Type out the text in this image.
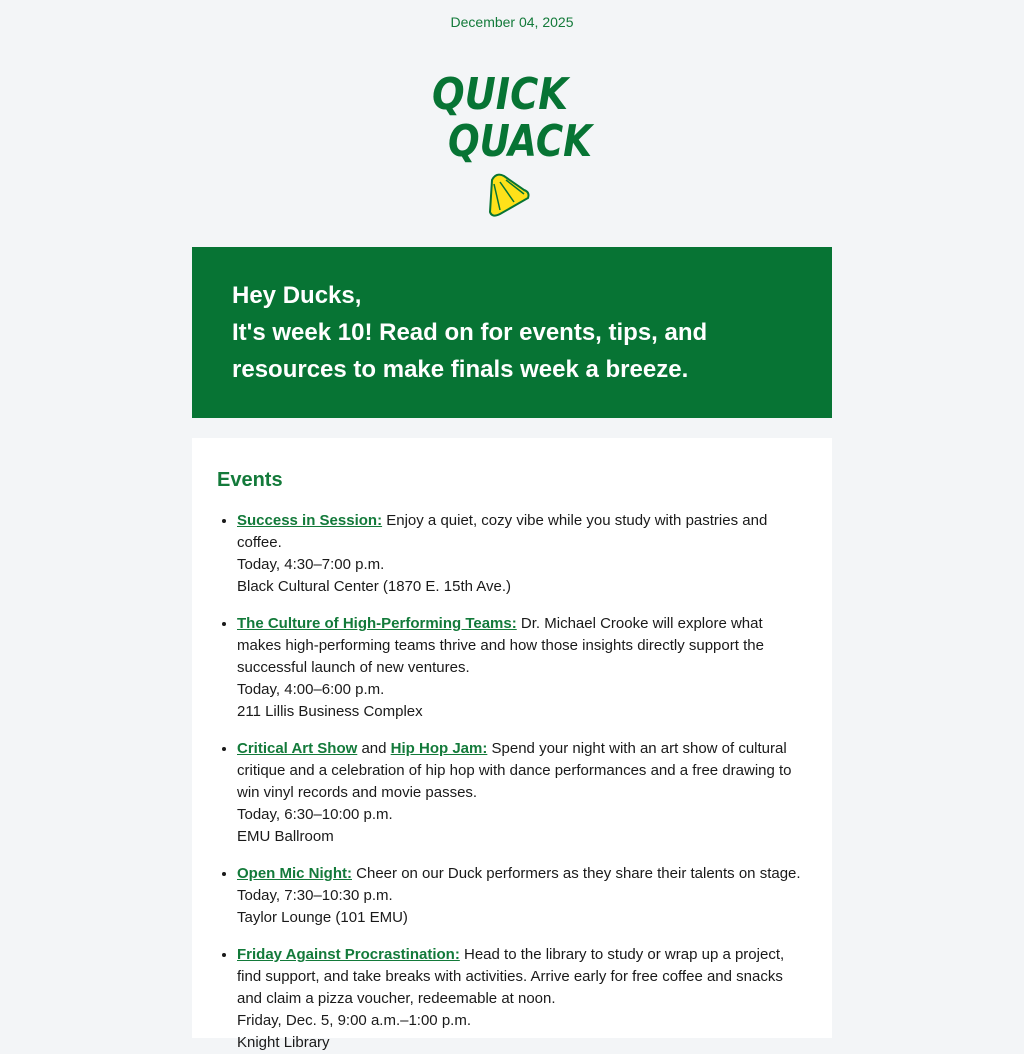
December 04, 2025
QUICK
QUACK
Hey Ducks,
It's week 10! Read on for events, tips, and
resources to make finals week a breeze.
Events
• Success in Session: Enjoy a quiet, cozy vibe while you study with pastries and coffee.
Today, 4:30–7:00 p.m.
Black Cultural Center (1870 E. 15th Ave.)
• The Culture of High-Performing Teams: Dr. Michael Crooke will explore what makes high-performing teams thrive and how those insights directly support the successful launch of new ventures.
Today, 4:00–6:00 p.m.
211 Lillis Business Complex
• Critical Art Show and Hip Hop Jam: Spend your night with an art show of cultural critique and a celebration of hip hop with dance performances and a free drawing to win vinyl records and movie passes.
Today, 6:30–10:00 p.m.
EMU Ballroom
• Open Mic Night: Cheer on our Duck performers as they share their talents on stage.
Today, 7:30–10:30 p.m.
Taylor Lounge (101 EMU)
• Friday Against Procrastination: Head to the library to study or wrap up a project, find support, and take breaks with activities. Arrive early for free coffee and snacks and claim a pizza voucher, redeemable at noon.
Friday, Dec. 5, 9:00 a.m.–1:00 p.m.
Knight Library
